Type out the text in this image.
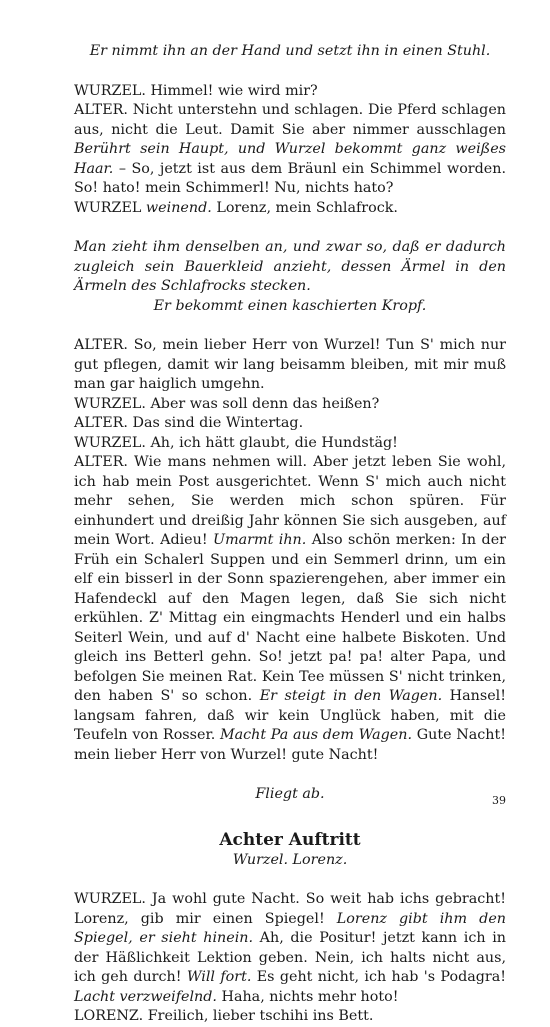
Er nimmt ihn an der Hand und setzt ihn in einen Stuhl.

WURZEL. Himmel! wie wird mir?

ALTER. Nicht unterstehn und schlagen. Die Pferd schlagen aus, nicht die Leut. Damit Sie aber nimmer ausschlagen Berührt sein Haupt, und Wurzel bekommt ganz weißes Haar. – So, jetzt ist aus dem Bräunl ein Schimmel worden. So! hato! mein Schimmerl! Nu, nichts hato?

WURZEL weinend. Lorenz, mein Schlafrock.

Man zieht ihm denselben an, und zwar so, daß er dadurch zugleich sein Bauerkleid anzieht, dessen Ärmel in den Ärmeln des Schlafrocks stecken.

Er bekommt einen kaschierten Kropf.

ALTER. So, mein lieber Herr von Wurzel! Tun S' mich nur gut pflegen, damit wir lang beisamm bleiben, mit mir muß man gar haiglich umgehn.

WURZEL. Aber was soll denn das heißen?

ALTER. Das sind die Wintertag.

WURZEL. Ah, ich hätt glaubt, die Hundstäg!

ALTER. Wie mans nehmen will. Aber jetzt leben Sie wohl, ich hab mein Post ausgerichtet. Wenn S' mich auch nicht mehr sehen, Sie werden mich schon spüren. Für einhundert und dreißig Jahr können Sie sich ausgeben, auf mein Wort. Adieu! Umarmt ihn. Also schön merken: In der Früh ein Schalerl Suppen und ein Semmerl drinn, um ein elf ein bisserl in der Sonn spazierengehen, aber immer ein Hafendeckl auf den Magen legen, daß Sie sich nicht erkühlen. Z' Mittag ein eingmachts Henderl und ein halbs Seiterl Wein, und auf d' Nacht eine halbete Biskoten. Und gleich ins Betterl gehn. So! jetzt pa! pa! alter Papa, und befolgen Sie meinen Rat. Kein Tee müssen S' nicht trinken, den haben S' so schon. Er steigt in den Wagen. Hansel! langsam fahren, daß wir kein Unglück haben, mit die Teufeln von Rosser. Macht Pa aus dem Wagen. Gute Nacht! mein lieber Herr von Wurzel! gute Nacht!

Fliegt ab.

Achter Auftritt

Wurzel. Lorenz.

WURZEL. Ja wohl gute Nacht. So weit hab ichs gebracht! Lorenz, gib mir einen Spiegel! Lorenz gibt ihm den Spiegel, er sieht hinein. Ah, die Positur! jetzt kann ich in der Häßlichkeit Lektion geben. Nein, ich halts nicht aus, ich geh durch! Will fort. Es geht nicht, ich hab 's Podagra! Lacht verzweifelnd. Haha, nichts mehr hoto!

LORENZ. Freilich, lieber tschihi ins Bett.

39
